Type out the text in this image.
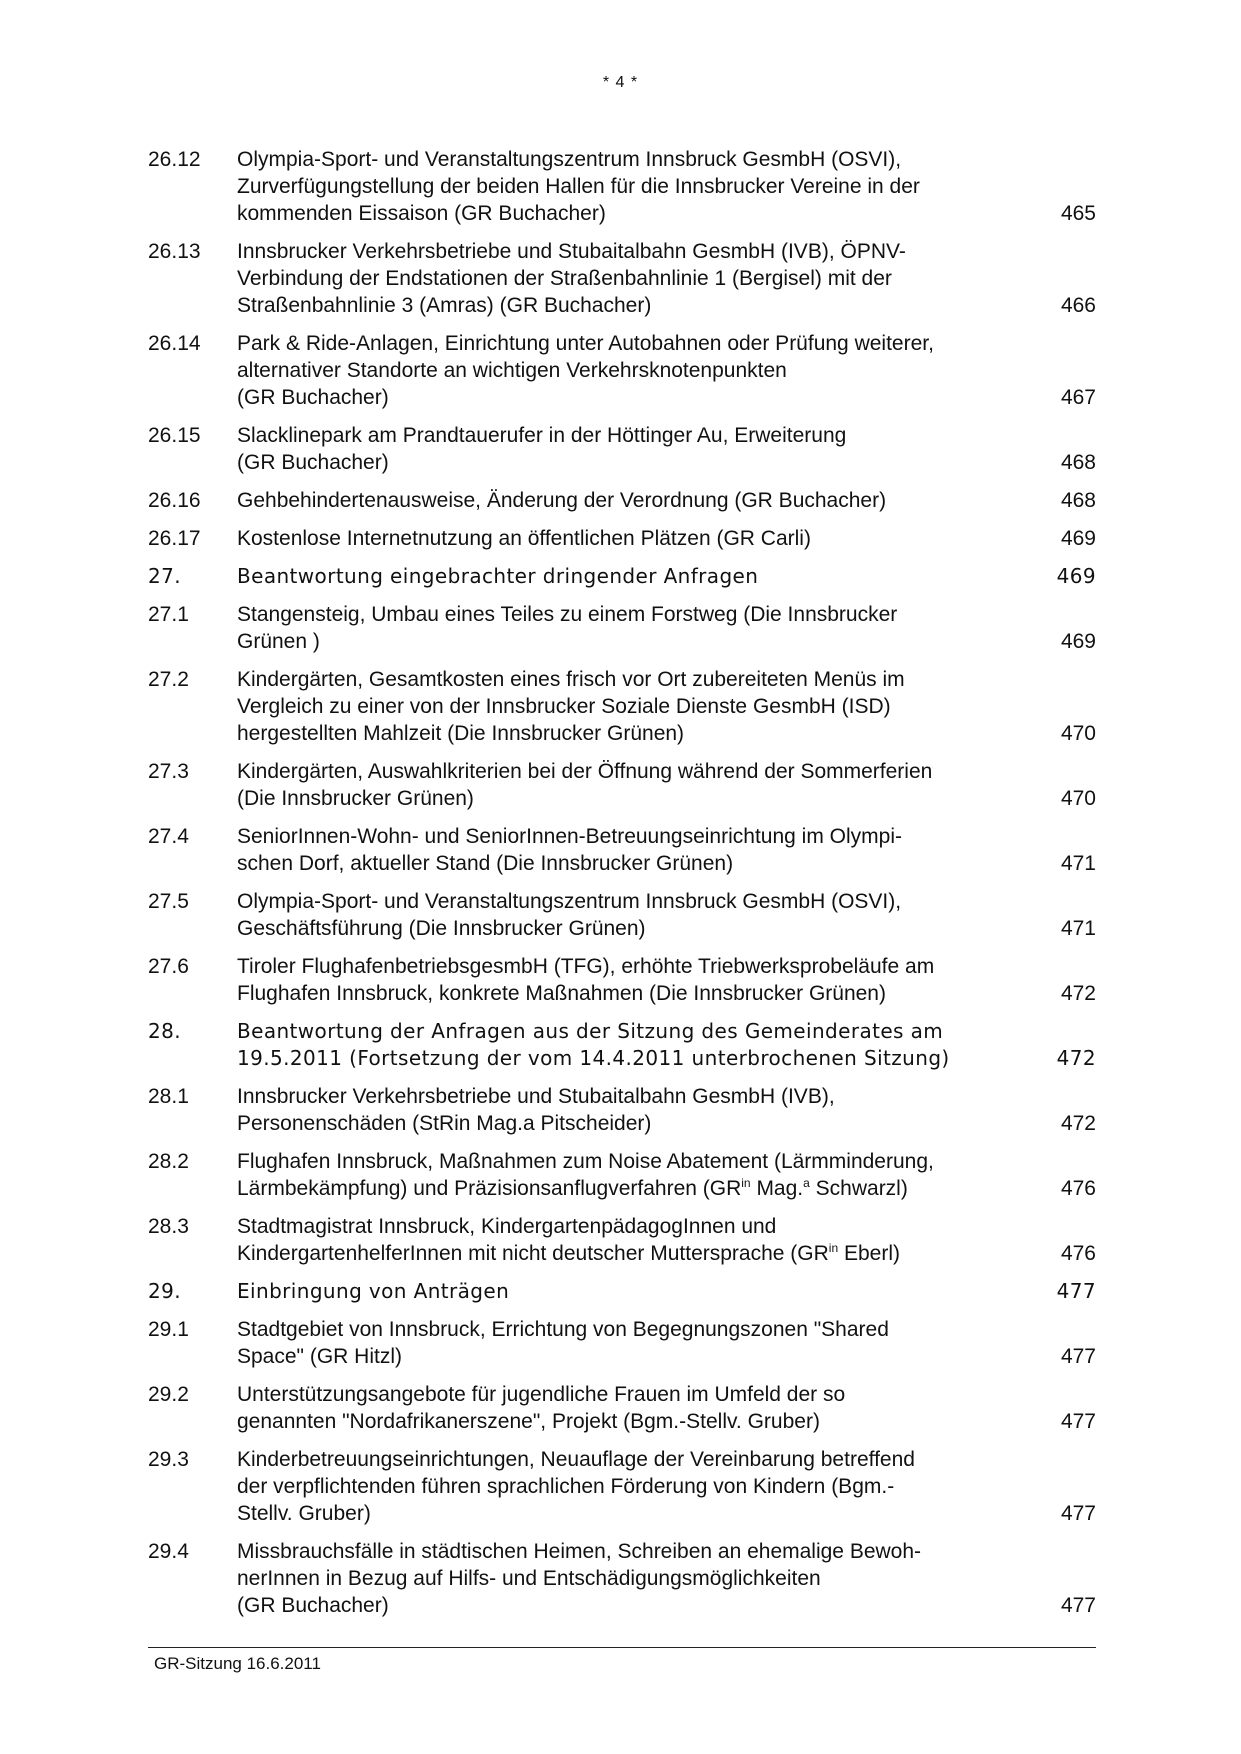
* 4 *
26.12	Olympia-Sport- und Veranstaltungszentrum Innsbruck GesmbH (OSVI),
Zurverfügungstellung der beiden Hallen für die Innsbrucker Vereine in der
kommenden Eissaison (GR Buchacher)	465
26.13	Innsbrucker Verkehrsbetriebe und Stubaitalbahn GesmbH (IVB), ÖPNV-
Verbindung der Endstationen der Straßenbahnlinie 1 (Bergisel) mit der
Straßenbahnlinie 3 (Amras) (GR Buchacher)	466
26.14	Park & Ride-Anlagen, Einrichtung unter Autobahnen oder Prüfung weiterer,
alternativer Standorte an wichtigen Verkehrsknotenpunkten
(GR Buchacher)	467
26.15	Slacklinepark am Prandtauerufer in der Höttinger Au, Erweiterung
(GR Buchacher)	468
26.16	Gehbehindertenausweise, Änderung der Verordnung (GR Buchacher)	468
26.17	Kostenlose Internetnutzung an öffentlichen Plätzen (GR Carli)	469
27.	Beantwortung eingebrachter dringender Anfragen	469
27.1	Stangensteig, Umbau eines Teiles zu einem Forstweg (Die Innsbrucker
Grünen )	469
27.2	Kindergärten, Gesamtkosten eines frisch vor Ort zubereiteten Menüs im
Vergleich zu einer von der Innsbrucker Soziale Dienste GesmbH (ISD)
hergestellten Mahlzeit (Die Innsbrucker Grünen)	470
27.3	Kindergärten, Auswahlkriterien bei der Öffnung während der Sommerferien
(Die Innsbrucker Grünen)	470
27.4	SeniorInnen-Wohn- und SeniorInnen-Betreuungseinrichtung im Olympi-
schen Dorf, aktueller Stand (Die Innsbrucker Grünen)	471
27.5	Olympia-Sport- und Veranstaltungszentrum Innsbruck GesmbH (OSVI),
Geschäftsführung (Die Innsbrucker Grünen)	471
27.6	Tiroler FlughafenbetriebsgesmbH (TFG), erhöhte Triebwerksprobeläufe am
Flughafen Innsbruck, konkrete Maßnahmen (Die Innsbrucker Grünen)	472
28.	Beantwortung der Anfragen aus der Sitzung des Gemeinderates am
19.5.2011 (Fortsetzung der vom 14.4.2011 unterbrochenen Sitzung)	472
28.1	Innsbrucker Verkehrsbetriebe und Stubaitalbahn GesmbH (IVB),
Personenschäden (StRin Mag.a Pitscheider)	472
28.2	Flughafen Innsbruck, Maßnahmen zum Noise Abatement (Lärmminderung,
Lärmbekämpfung) und Präzisionsanflugverfahren ($GR^{in}$ Mag.$^a$ Schwarzl)	476
28.3	Stadtmagistrat Innsbruck, KindergartenpädagogInnen und
KindergartenhelferInnen mit nicht deutscher Muttersprache ($GR^{in}$ Eberl)	476
29.	Einbringung von Anträgen	477
29.1	Stadtgebiet von Innsbruck, Errichtung von Begegnungszonen "Shared
Space" (GR Hitzl)	477
29.2	Unterstützungsangebote für jugendliche Frauen im Umfeld der so
genannten "Nordafrikanerszene", Projekt (Bgm.-Stellv. Gruber)	477
29.3	Kinderbetreuungseinrichtungen, Neuauflage der Vereinbarung betreffend
der verpflichtenden führen sprachlichen Förderung von Kindern (Bgm.-
Stellv. Gruber)	477
29.4	Missbrauchsfälle in städtischen Heimen, Schreiben an ehemalige Bewoh-
nerInnen in Bezug auf Hilfs- und Entschädigungsmöglichkeiten
(GR Buchacher)	477
GR-Sitzung 16.6.2011
